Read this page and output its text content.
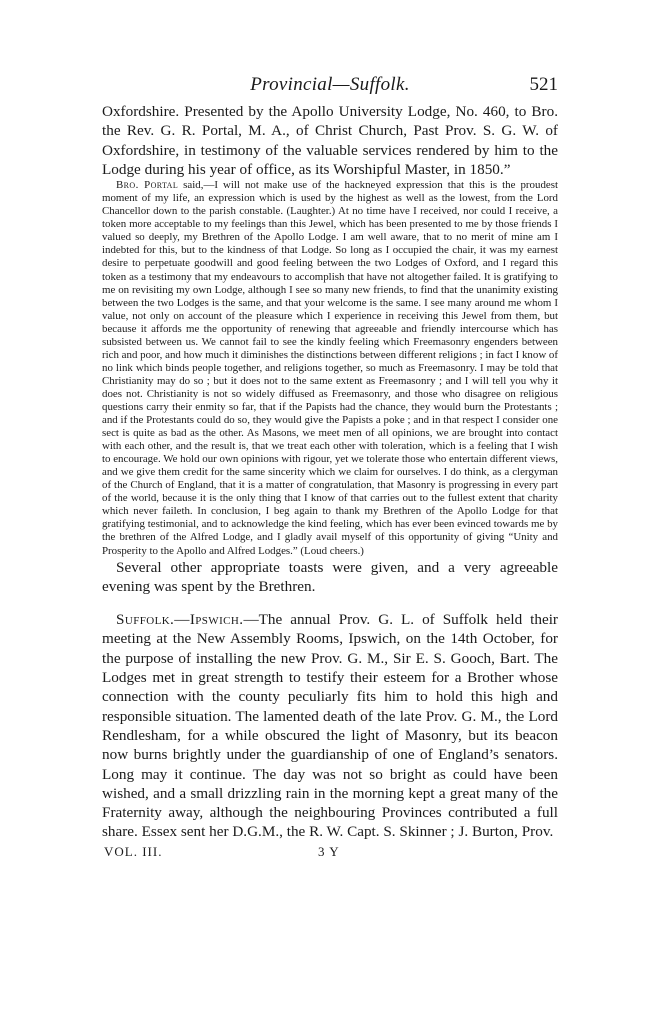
Provincial—Suffolk.	521

Oxfordshire. Presented by the Apollo University Lodge, No. 460, to Bro. the Rev. G. R. Portal, M. A., of Christ Church, Past Prov. S. G. W. of Oxfordshire, in testimony of the valuable services rendered by him to the Lodge during his year of office, as its Worshipful Master, in 1850.”

Bro. Portal said,—I will not make use of the hackneyed expression that this is the proudest moment of my life, an expression which is used by the highest as well as the lowest, from the Lord Chancellor down to the parish constable. (Laughter.) At no time have I received, nor could I receive, a token more acceptable to my feelings than this Jewel, which has been presented to me by those friends I valued so deeply, my Brethren of the Apollo Lodge. I am well aware, that to no merit of mine am I indebted for this, but to the kindness of that Lodge. So long as I occupied the chair, it was my earnest desire to perpetuate goodwill and good feeling between the two Lodges of Oxford, and I regard this token as a testimony that my endeavours to accomplish that have not altogether failed. It is gratifying to me on revisiting my own Lodge, although I see so many new friends, to find that the unanimity existing between the two Lodges is the same, and that your welcome is the same. I see many around me whom I value, not only on account of the pleasure which I experience in receiving this Jewel from them, but because it affords me the opportunity of renewing that agreeable and friendly intercourse which has subsisted between us. We cannot fail to see the kindly feeling which Freemasonry engenders between rich and poor, and how much it diminishes the distinctions between different religions ; in fact I know of no link which binds people together, and religions together, so much as Freemasonry. I may be told that Christianity may do so ; but it does not to the same extent as Freemasonry ; and I will tell you why it does not. Christianity is not so widely diffused as Freemasonry, and those who disagree on religious questions carry their enmity so far, that if the Papists had the chance, they would burn the Protestants ; and if the Protestants could do so, they would give the Papists a poke ; and in that respect I consider one sect is quite as bad as the other. As Masons, we meet men of all opinions, we are brought into contact with each other, and the result is, that we treat each other with toleration, which is a feeling that I wish to encourage. We hold our own opinions with rigour, yet we tolerate those who entertain different views, and we give them credit for the same sincerity which we claim for ourselves. I do think, as a clergyman of the Church of England, that it is a matter of congratulation, that Masonry is progressing in every part of the world, because it is the only thing that I know of that carries out to the fullest extent that charity which never faileth. In conclusion, I beg again to thank my Brethren of the Apollo Lodge for that gratifying testimonial, and to acknowledge the kind feeling, which has ever been evinced towards me by the brethren of the Alfred Lodge, and I gladly avail myself of this opportunity of giving “Unity and Prosperity to the Apollo and Alfred Lodges.” (Loud cheers.)

Several other appropriate toasts were given, and a very agreeable evening was spent by the Brethren.

Suffolk.—Ipswich.—The annual Prov. G. L. of Suffolk held their meeting at the New Assembly Rooms, Ipswich, on the 14th October, for the purpose of installing the new Prov. G. M., Sir E. S. Gooch, Bart. The Lodges met in great strength to testify their esteem for a Brother whose connection with the county peculiarly fits him to hold this high and responsible situation. The lamented death of the late Prov. G. M., the Lord Rendlesham, for a while obscured the light of Masonry, but its beacon now burns brightly under the guardianship of one of England’s senators. Long may it continue. The day was not so bright as could have been wished, and a small drizzling rain in the morning kept a great many of the Fraternity away, although the neighbouring Provinces contributed a full share. Essex sent her D.G.M., the R. W. Capt. S. Skinner ; J. Burton, Prov.

VOL. III.	3 Y
